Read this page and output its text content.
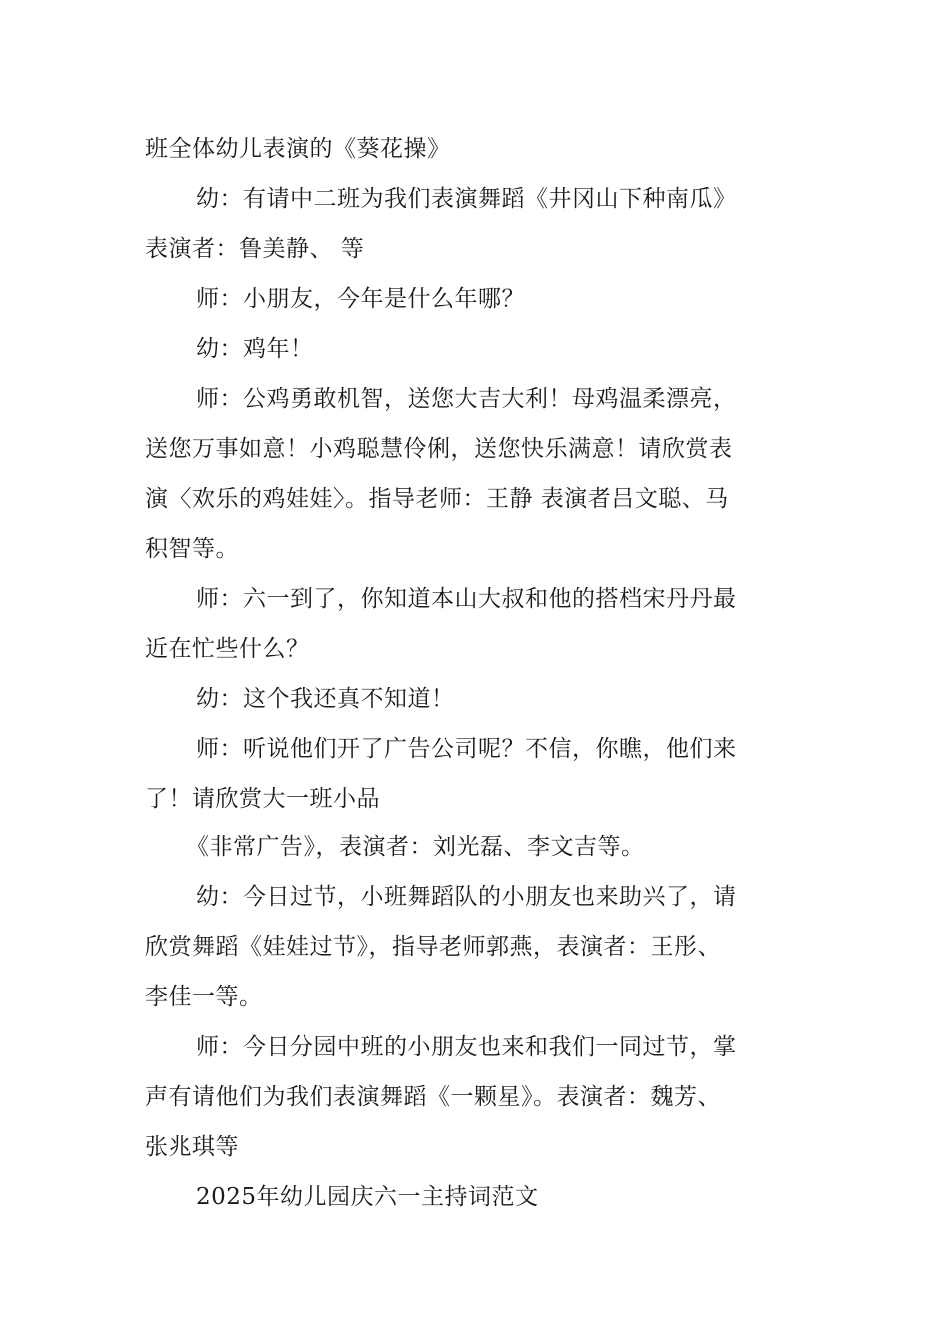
班全体幼儿表演的《葵花操》
幼：有请中二班为我们表演舞蹈《井冈山下种南瓜》
表演者：鲁美静、 等
师：小朋友，今年是什么年哪？
幼：鸡年！
师：公鸡勇敢机智，送您大吉大利！母鸡温柔漂亮，
送您万事如意！小鸡聪慧伶俐，送您快乐满意！请欣赏表
演〈欢乐的鸡娃娃〉。指导老师：王静 表演者吕文聪、马
积智等。
师：六一到了，你知道本山大叔和他的搭档宋丹丹最
近在忙些什么？
幼：这个我还真不知道！
师：听说他们开了广告公司呢？不信，你瞧，他们来
了！请欣赏大一班小品
《非常广告》，表演者：刘光磊、李文吉等。
幼：今日过节，小班舞蹈队的小朋友也来助兴了，请
欣赏舞蹈《娃娃过节》，指导老师郭燕，表演者：王彤、
李佳一等。
师：今日分园中班的小朋友也来和我们一同过节，掌
声有请他们为我们表演舞蹈《一颗星》。表演者：魏芳、
张兆琪等
2025年幼儿园庆六一主持词范文
